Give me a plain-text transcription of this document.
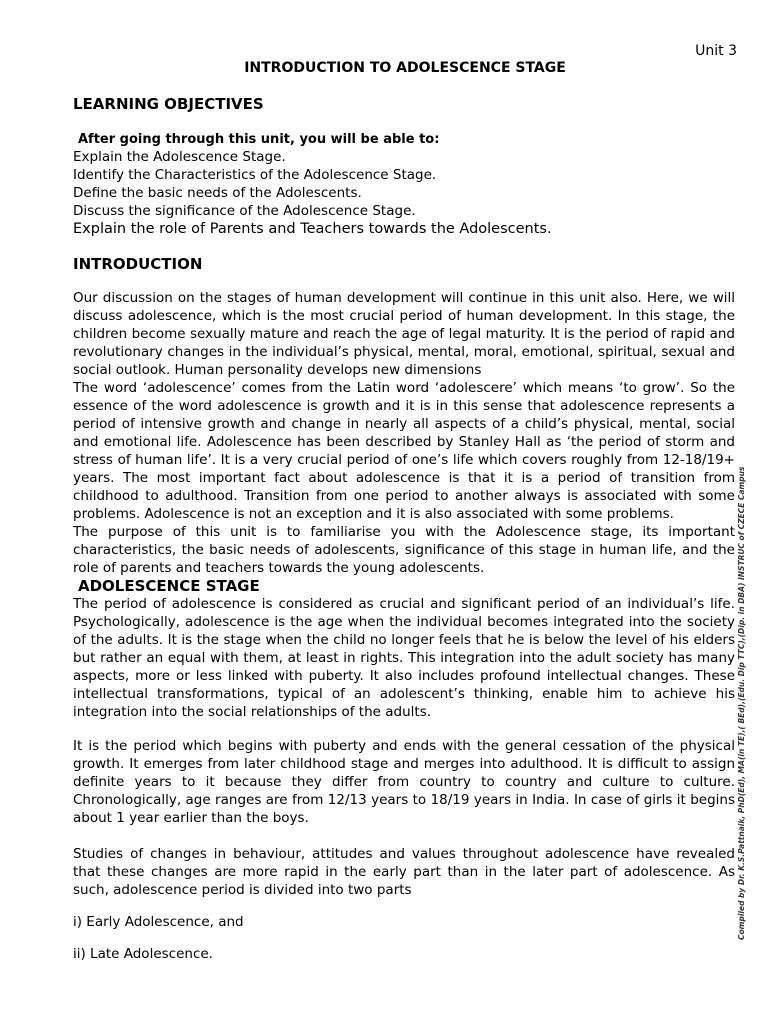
Unit 3
INTRODUCTION TO ADOLESCENCE STAGE

LEARNING OBJECTIVES

After going through this unit, you will be able to:

Explain the Adolescence Stage.

Identify the Characteristics of the Adolescence Stage.

Define the basic needs of the Adolescents.

Discuss the significance of the Adolescence Stage.

Explain the role of Parents and Teachers towards the Adolescents.

INTRODUCTION

Our discussion on the stages of human development will continue in this unit also. Here, we will discuss adolescence, which is the most crucial period of human development. In this stage, the children become sexually mature and reach the age of legal maturity. It is the period of rapid and revolutionary changes in the individual’s physical, mental, moral, emotional, spiritual, sexual and social outlook. Human personality develops new dimensions

The word ‘adolescence’ comes from the Latin word ‘adolescere’ which means ‘to grow’. So the essence of the word adolescence is growth and it is in this sense that adolescence represents a period of intensive growth and change in nearly all aspects of a child’s physical, mental, social and emotional life. Adolescence has been described by Stanley Hall as ‘the period of storm and stress of human life’. It is a very crucial period of one’s life which covers roughly from 12-18/19+ years. The most important fact about adolescence is that it is a period of transition from childhood to adulthood. Transition from one period to another always is associated with some problems. Adolescence is not an exception and it is also associated with some problems.

The purpose of this unit is to familiarise you with the Adolescence stage, its important characteristics, the basic needs of adolescents, significance of this stage in human life, and the role of parents and teachers towards the young adolescents.

ADOLESCENCE STAGE

The period of adolescence is considered as crucial and significant period of an individual’s life. Psychologically, adolescence is the age when the individual becomes integrated into the society of the adults. It is the stage when the child no longer feels that he is below the level of his elders but rather an equal with them, at least in rights. This integration into the adult society has many aspects, more or less linked with puberty. It also includes profound intellectual changes. These intellectual transformations, typical of an adolescent’s thinking, enable him to achieve his integration into the social relationships of the adults.

It is the period which begins with puberty and ends with the general cessation of the physical growth. It emerges from later childhood stage and merges into adulthood. It is difficult to assign definite years to it because they differ from country to country and culture to culture. Chronologically, age ranges are from 12/13 years to 18/19 years in India. In case of girls it begins about 1 year earlier than the boys.

Studies of changes in behaviour, attitudes and values throughout adolescence have revealed that these changes are more rapid in the early part than in the later part of adolescence. As such, adolescence period is divided into two parts

i) Early Adolescence, and

ii) Late Adolescence.

Compiled by Dr. K.S.Pattnaik, PhD(Ed), MA(in TE),( BEd),(Edu. Dip TTC),(Dip. in DBA) INSTRUC of CZECE Campus
